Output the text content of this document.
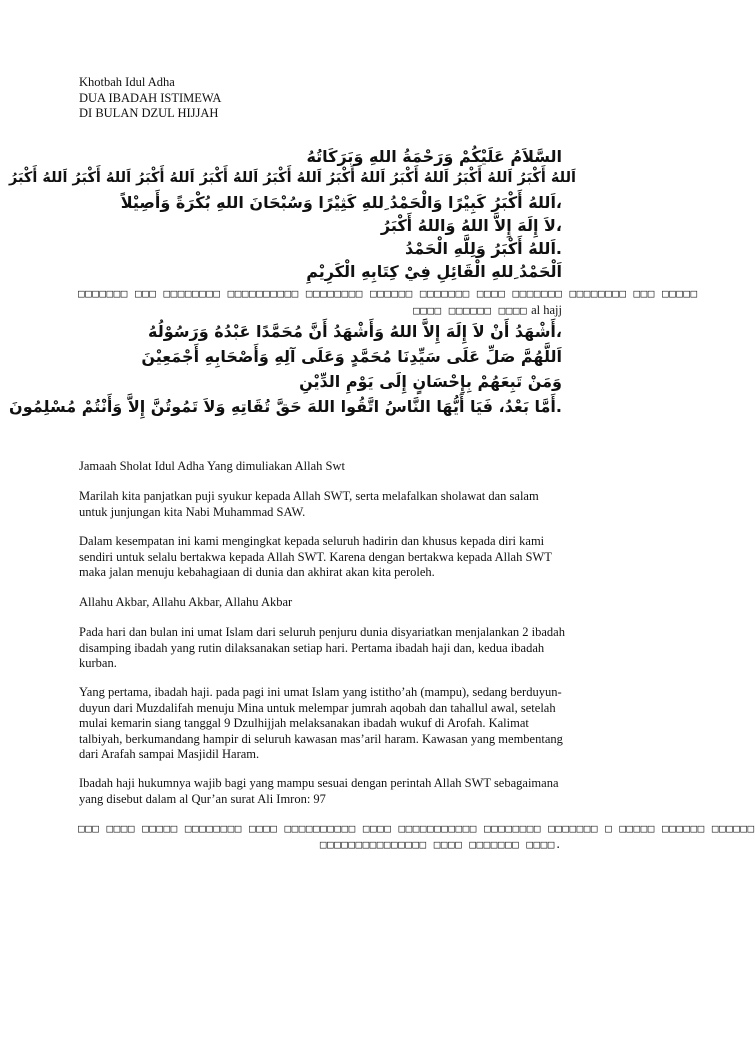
Khotbah Idul Adha
DUA IBADAH ISTIMEWA
DI BULAN DZUL HIJJAH
السَّلاَمُ عَلَيْكُمْ وَرَحْمَةُ اللهِ وَبَرَكَاتُهُ
اَللهُ أَكْبَرُ اَللهُ أَكْبَرُ اَللهُ أَكْبَرُ اَللهُ أَكْبَرُ اَللهُ أَكْبَرُ اَللهُ أَكْبَرُ اَللهُ أَكْبَرُ اَللهُ أَكْبَرُ اَللهُ أَكْبَرُ
،اَللهُ أَكْبَرُ كَبِيْرًا وَالْحَمْدُ ِللهِ كَثِيْرًا وَسُبْحَانَ اللهِ بُكْرَةً وَأَصِيْلاً
،لاَ إِلَهَ إِلاَّ اللهُ وَاللهُ أَكْبَرُ
.اَللهُ أَكْبَرُ وَلِلَّهِ الْحَمْدُ
اَلْحَمْدُ ِللهِ الْقَائِلِ فِيْ كِتَابِهِ الْكَرِيْمِ
□□□□□□□ □□□ □□□□□□□□ □□□□□□□□□□ □□□□□□□□ □□□□□□ □□□□□□□ □□□□ □□□□□□□ □□□□□□□□ □□□ □□□□□
□□□□ □□□□□□ □□□□ al hajj
،أَشْهَدُ أَنْ لاَ إِلَهَ إِلاَّ اللهُ وَأَشْهَدُ أَنَّ مُحَمَّدًا عَبْدُهُ وَرَسُوْلُهُ
اَللَّهُمَّ صَلِّ عَلَى سَيِّدِنَا مُحَمَّدٍ وَعَلَى آلِهِ وَأَصْحَابِهِ أَجْمَعِيْنَ
وَمَنْ تَبِعَهُمْ بِإِحْسَانٍ إِلَى يَوْمِ الدِّيْنِ
.أَمَّا بَعْدُ، فَيَا أَيُّهَا النَّاسُ اتَّقُوا اللهَ حَقَّ تُقَاتِهِ وَلاَ تَمُوتُنَّ إِلاَّ وَأَنْتُمْ مُسْلِمُونَ
Jamaah Sholat Idul Adha Yang dimuliakan Allah Swt
Marilah kita panjatkan puji syukur kepada Allah SWT, serta melafalkan sholawat dan salam untuk junjungan kita Nabi Muhammad SAW.
Dalam kesempatan ini kami mengingkat kepada seluruh hadirin dan khusus kepada diri kami sendiri untuk selalu bertakwa kepada Allah SWT. Karena dengan bertakwa kepada Allah SWT maka jalan menuju kebahagiaan di dunia dan akhirat akan kita peroleh.
Allahu Akbar, Allahu Akbar, Allahu Akbar
Pada hari dan bulan ini umat Islam dari seluruh penjuru dunia disyariatkan menjalankan 2 ibadah disamping ibadah yang rutin dilaksanakan setiap hari. Pertama ibadah haji dan, kedua ibadah kurban.
Yang pertama, ibadah haji. pada pagi ini umat Islam yang istitho’ah (mampu), sedang berduyun-duyun dari Muzdalifah menuju Mina untuk melempar jumrah aqobah dan tahallul awal, setelah mulai kemarin siang tanggal 9 Dzulhijjah melaksanakan ibadah wukuf di Arofah. Kalimat talbiyah, berkumandang hampir di seluruh kawasan mas’aril haram. Kawasan yang membentang dari Arafah sampai Masjidil Haram.
Ibadah haji hukumnya wajib bagi yang mampu sesuai dengan perintah Allah SWT sebagaimana yang disebut dalam al Qur’an surat Ali Imron: 97
□□□ □□□□ □□□□□ □□□□□□□□ □□□□ □□□□□□□□□□ □□□□ □□□□□□□□□□□ □□□□□□□□ □□□□□□□ □ □□□□□ □□□□□□ □□□□□□
.□□□□ □□□□□□□ □□□□ □□□□□□□□□□□□□□□
